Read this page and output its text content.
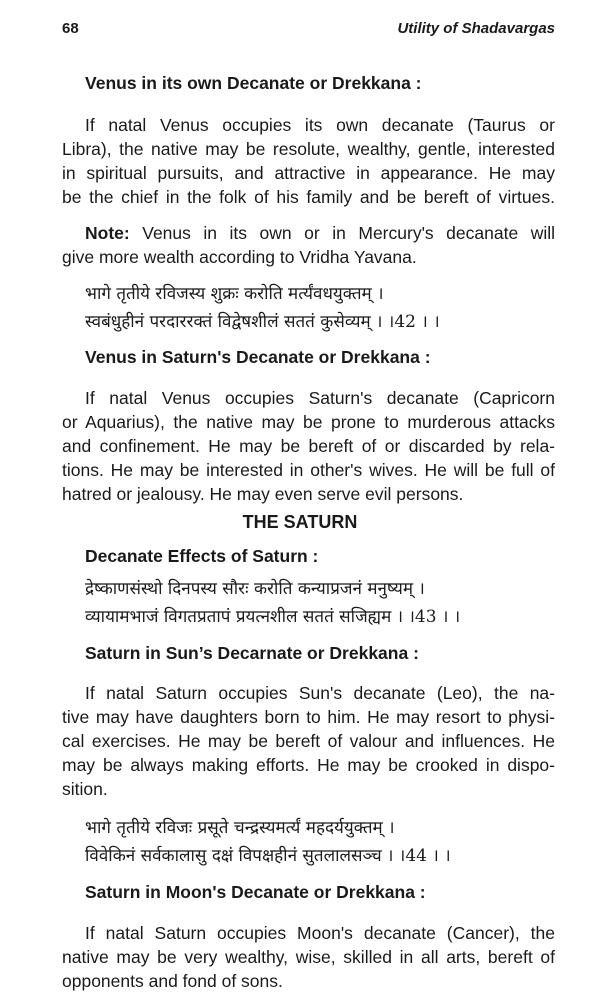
68	Utility of Shadavargas
Venus in its own Decanate or Drekkana :
If natal Venus occupies its own decanate (Taurus or
Libra), the native may be resolute, wealthy, gentle, interested
in spiritual pursuits, and attractive in appearance. He may
be the chief in the folk of his family and be bereft of virtues.
Note: Venus in its own or in Mercury's decanate will
give more wealth according to Vridha Yavana.
भागे तृतीये रविजस्य शुक्रः करोति मर्त्यंवधयुक्तम् ।
स्वबंधुहीनं परदाररक्तं विद्वेषशीलं सततं कुसेव्यम् । ।42 । ।
Venus in Saturn's Decanate or Drekkana :
If natal Venus occupies Saturn's decanate (Capricorn
or Aquarius), the native may be prone to murderous attacks
and confinement. He may be bereft of or discarded by rela-
tions. He may be interested in other's wives. He will be full of
hatred or jealousy. He may even serve evil persons.
THE SATURN
Decanate Effects of Saturn :
द्रेष्काणसंस्थो दिनपस्य सौरः करोति कन्याप्रजनं मनुष्यम् ।
व्यायामभाजं विगतप्रतापं प्रयत्नशील सततं सजिह्यम । ।43 । ।
Saturn in Sun’s Decarnate or Drekkana :
If natal Saturn occupies Sun's decanate (Leo), the na-
tive may have daughters born to him. He may resort to physi-
cal exercises. He may be bereft of valour and influences. He
may be always making efforts. He may be crooked in dispo-
sition.
भागे तृतीये रविजः प्रसूते चन्द्रस्यमर्त्यं महदर्ययुक्तम् ।
विवेकिनं सर्वकालासु दक्षं विपक्षहीनं सुतलालसञ्च । ।44 । ।
Saturn in Moon's Decanate or Drekkana :
If natal Saturn occupies Moon's decanate (Cancer), the
native may be very wealthy, wise, skilled in all arts, bereft of
opponents and fond of sons.
